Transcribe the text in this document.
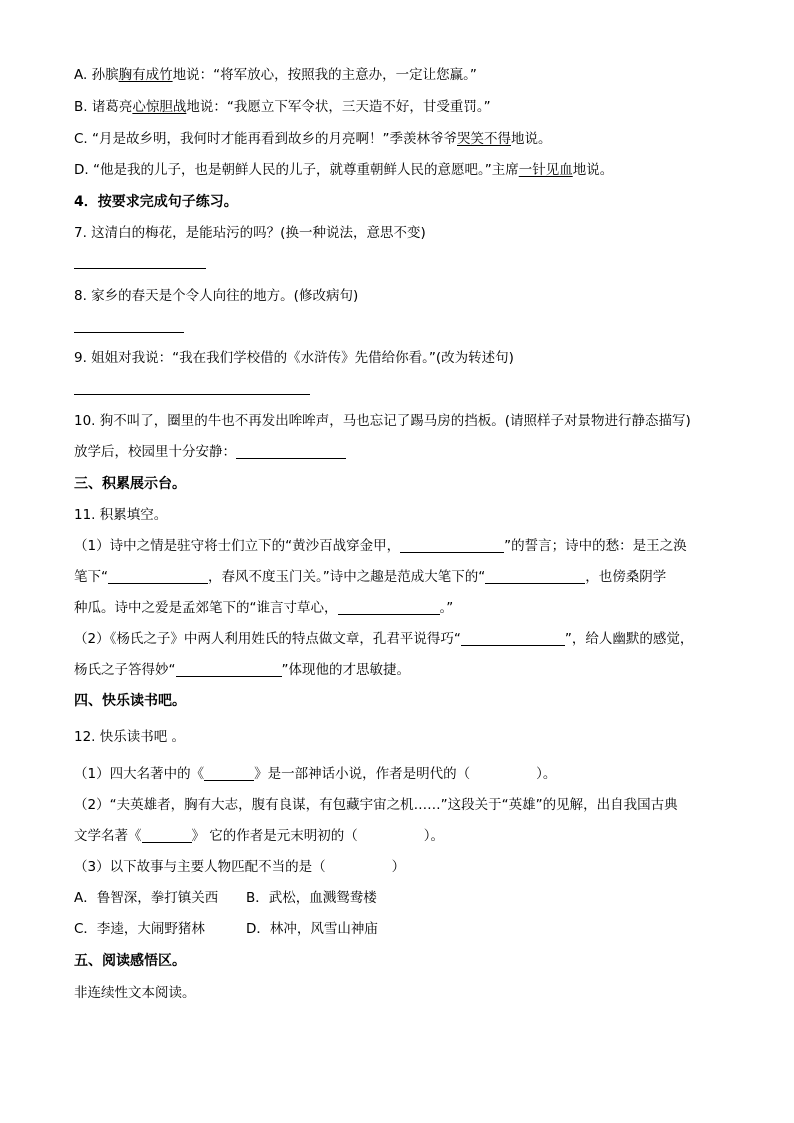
A. 孙膑胸有成竹地说：“将军放心，按照我的主意办，一定让您赢。”
B. 诸葛亮心惊胆战地说：“我愿立下军令状，三天造不好，甘受重罚。”
C. “月是故乡明，我何时才能再看到故乡的月亮啊！”季羡林爷爷哭笑不得地说。
D. “他是我的儿子，也是朝鲜人民的儿子，就尊重朝鲜人民的意愿吧。”主席一针见血地说。
4．按要求完成句子练习。
7. 这清白的梅花，是能玷污的吗？(换一种说法，意思不变)
8. 家乡的春天是个令人向往的地方。(修改病句)
9. 姐姐对我说：“我在我们学校借的《水浒传》先借给你看。”(改为转述句)
10. 狗不叫了，圈里的牛也不再发出哞哞声，马也忘记了踢马房的挡板。(请照样子对景物进行静态描写)
放学后，校园里十分安静：
三、积累展示台。
11. 积累填空。
（1）诗中之情是驻守将士们立下的“黄沙百战穿金甲，	”的誓言；诗中的愁：是王之涣
笔下“	，春风不度玉门关。”诗中之趣是范成大笔下的“	，也傍桑阴学
种瓜。诗中之爱是孟郊笔下的“谁言寸草心，	。”
（2）《杨氏之子》中两人利用姓氏的特点做文章，孔君平说得巧“	”，给人幽默的感觉，
杨氏之子答得妙“	”体现他的才思敏捷。
四、快乐读书吧。
12. 快乐读书吧 。
（1）四大名著中的《	》是一部神话小说，作者是明代的（	）。
（2）“夫英雄者，胸有大志，腹有良谋，有包藏宇宙之机……”这段关于“英雄”的见解，出自我国古典
文学名著《	》 它的作者是元末明初的（	）。
（3）以下故事与主要人物匹配不当的是（	）
A．鲁智深，拳打镇关西 B．武松，血溅鸳鸯楼
C．李逵，大闹野猪林	D．林冲，风雪山神庙
五、阅读感悟区。
非连续性文本阅读。
